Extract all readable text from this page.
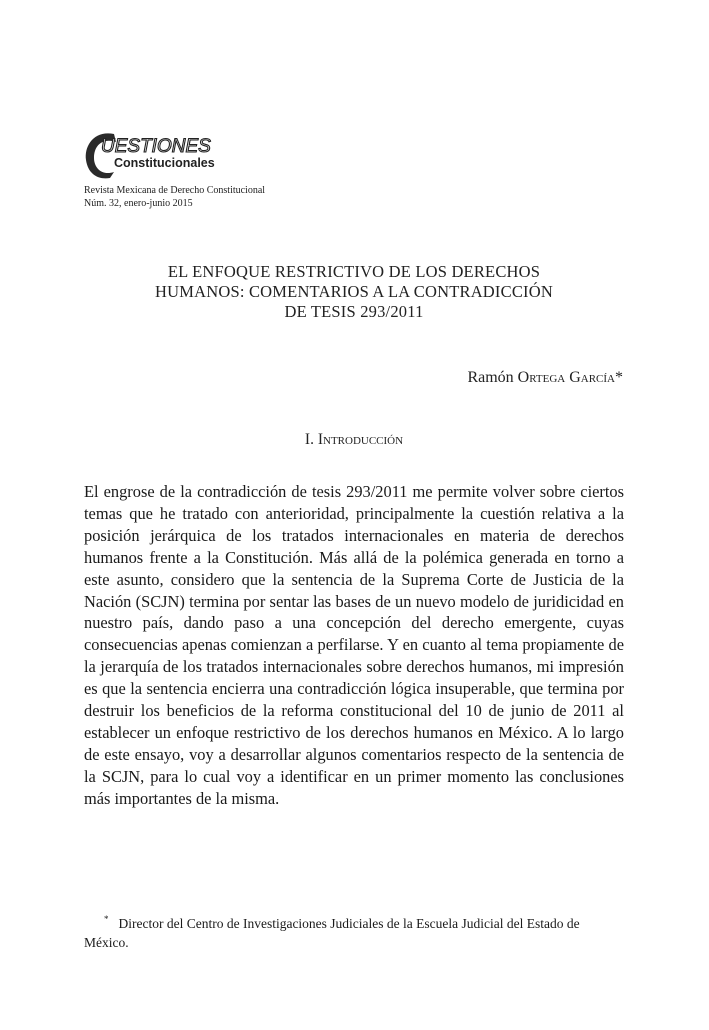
UESTIONES
Constitucionales
Revista Mexicana de Derecho Constitucional
Núm. 32, enero-junio 2015
EL ENFOQUE RESTRICTIVO DE LOS DERECHOS
HUMANOS: COMENTARIOS A LA CONTRADICCIÓN
DE TESIS 293/2011
Ramón Ortega García*
I. Introducción

El engrose de la contradicción de tesis 293/2011 me permite volver sobre ciertos temas que he tratado con anterioridad, principalmente la cuestión relativa a la posición jerárquica de los tratados internacionales en materia de derechos humanos frente a la Constitución. Más allá de la polémica generada en torno a este asunto, considero que la sentencia de la Suprema Corte de Justicia de la Nación (SCJN) termina por sentar las bases de un nuevo modelo de juridicidad en nuestro país, dando paso a una concepción del derecho emergente, cuyas consecuencias apenas comienzan a perfilarse. Y en cuanto al tema propiamente de la jerarquía de los tratados internacionales sobre derechos humanos, mi impresión es que la sentencia encierra una contradicción lógica insuperable, que termina por destruir los beneficios de la reforma constitucional del 10 de junio de 2011 al establecer un enfoque restrictivo de los derechos humanos en México. A lo largo de este ensayo, voy a desarrollar algunos comentarios respecto de la sentencia de la SCJN, para lo cual voy a identificar en un primer momento las conclusiones más importantes de la misma.

* Director del Centro de Investigaciones Judiciales de la Escuela Judicial del Estado de México.
